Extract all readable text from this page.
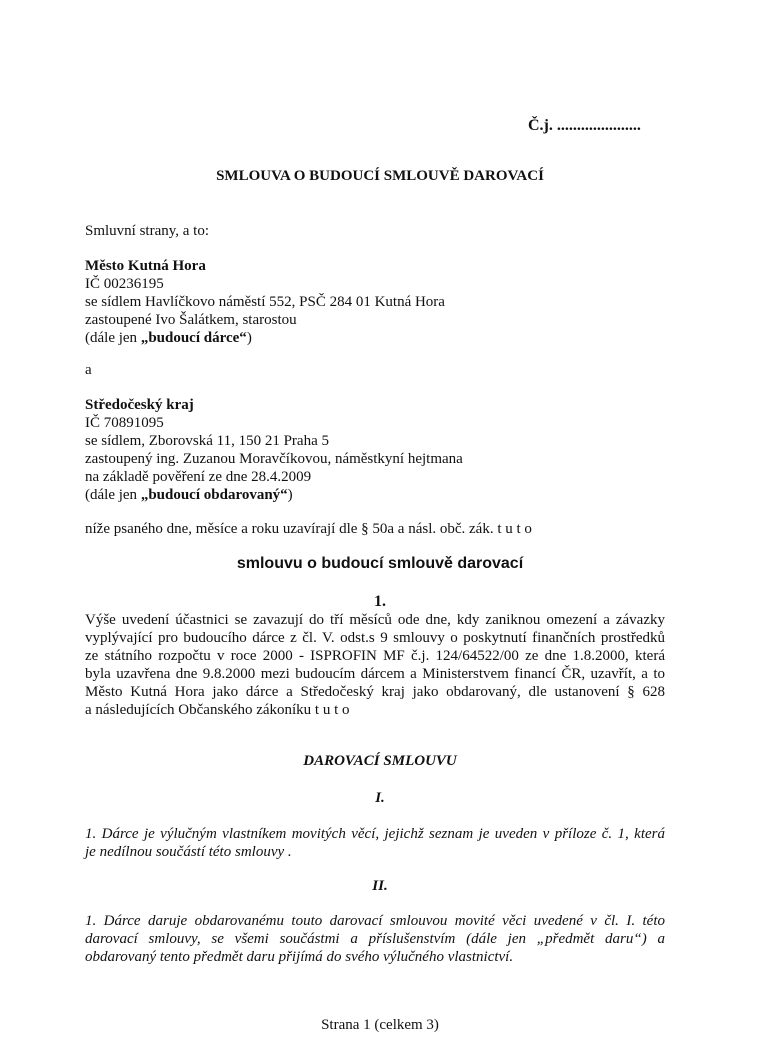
Č.j. .....................
SMLOUVA O BUDOUCÍ SMLOUVĚ DAROVACÍ
Smluvní strany, a to:
Město Kutná Hora
IČ 00236195
se sídlem Havlíčkovo náměstí 552, PSČ 284 01 Kutná Hora
zastoupené Ivo Šalátkem, starostou
(dále jen „budoucí dárce“)
a
Středočeský kraj
IČ 70891095
se sídlem, Zborovská 11, 150 21 Praha 5
zastoupený ing. Zuzanou Moravčíkovou, náměstkyní hejtmana
na základě pověření ze dne 28.4.2009
(dále jen „budoucí obdarovaný“)
níže psaného dne, měsíce a roku uzavírají dle § 50a a násl. obč. zák. t u t o
smlouvu o budoucí smlouvě darovací
1.
Výše uvedení účastnici se zavazují do tří měsíců ode dne, kdy zaniknou omezení a závazky
vyplývající pro budoucího dárce z čl. V. odst.s 9 smlouvy o poskytnutí finančních prostředků
ze státního rozpočtu v roce 2000 - ISPROFIN MF č.j. 124/64522/00 ze dne 1.8.2000, která
byla uzavřena dne 9.8.2000 mezi budoucím dárcem a Ministerstvem financí ČR, uzavřít, a to
Město Kutná Hora jako dárce a Středočeský kraj jako obdarovaný, dle ustanovení § 628
a následujících Občanského zákoníku t u t o
DAROVACÍ SMLOUVU
I.
1. Dárce je výlučným vlastníkem movitých věcí, jejichž seznam je uveden v příloze č. 1, která
je nedílnou součástí této smlouvy .
II.
1. Dárce daruje obdarovanému touto darovací smlouvou movité věci uvedené v čl. I. této
darovací smlouvy, se všemi součástmi a příslušenstvím (dále jen „předmět daru“) a
obdarovaný tento předmět daru přijímá do svého výlučného vlastnictví.
Strana 1 (celkem 3)
